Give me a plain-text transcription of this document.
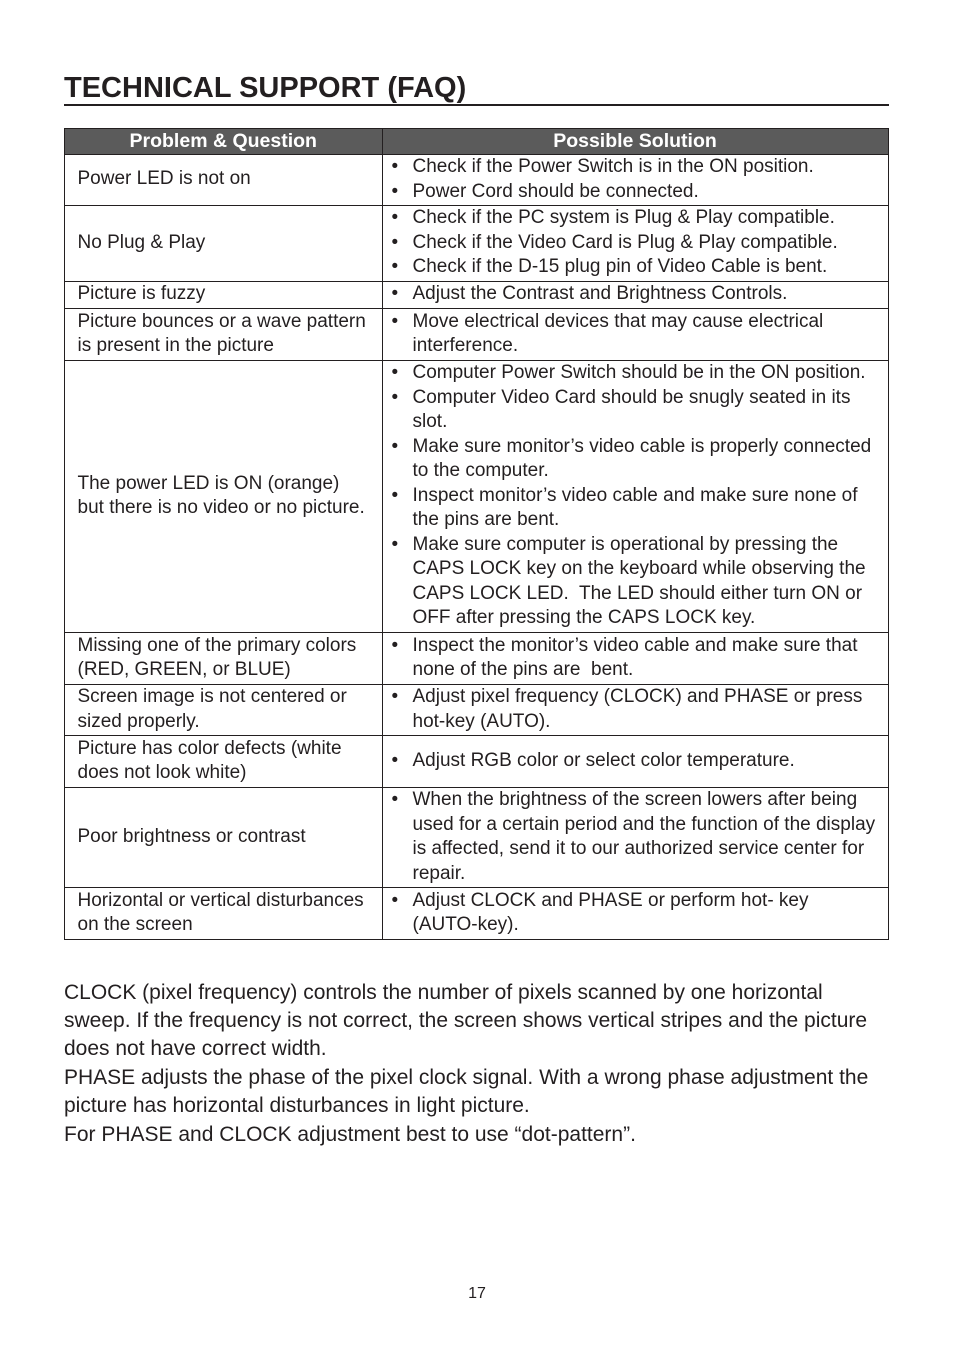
TECHNICAL SUPPORT (FAQ)
Problem & Question	Possible Solution
Power LED is not on
•
Check if the Power Switch is in the ON position.
•
Power Cord should be connected.
No Plug & Play
•
Check if the PC system is Plug & Play compatible.
•
Check if the Video Card is Plug & Play compatible.
•
Check if the D-15 plug pin of Video Cable is bent.
Picture is fuzzy
•	Adjust the Contrast and Brightness Controls.
Picture bounces or a wave pattern
is present in the picture
•
Move electrical devices that may cause electrical
interference.
The power LED is ON (orange)
but there is no video or no picture.
•
Computer Power Switch should be in the ON position.
•
Computer Video Card should be snugly seated in its
slot.
•
Make sure monitor’s video cable is properly connected
to the computer.
•
Inspect monitor’s video cable and make sure none of
the pins are bent.
•
Make sure computer is operational by pressing the
CAPS LOCK key on the keyboard while observing the
CAPS LOCK LED.  The LED should either turn ON or
OFF after pressing the CAPS LOCK key.
Missing one of the primary colors
(RED, GREEN, or BLUE)
•
Inspect the monitor’s video cable and make sure that
none of the pins are  bent.
Screen image is not centered or
sized properly.
•
Adjust pixel frequency (CLOCK) and PHASE or press
hot-key (AUTO).
Picture has color defects (white
does not look white)
•
Adjust RGB color or select color temperature.
Poor brightness or contrast
•
When the brightness of the screen lowers after being
used for a certain period and the function of the display
is affected, send it to our authorized service center for
repair.
Horizontal or vertical disturbances
on the screen
•
Adjust CLOCK and PHASE or perform hot- key
(AUTO-key).

CLOCK (pixel frequency) controls the number of pixels scanned by one horizontal
sweep. If the frequency is not correct, the screen shows vertical stripes and the picture
does not have correct width.

PHASE adjusts the phase of the pixel clock signal. With a wrong phase adjustment the
picture has horizontal disturbances in light picture.

For PHASE and CLOCK adjustment best to use “dot-pattern”.

17
